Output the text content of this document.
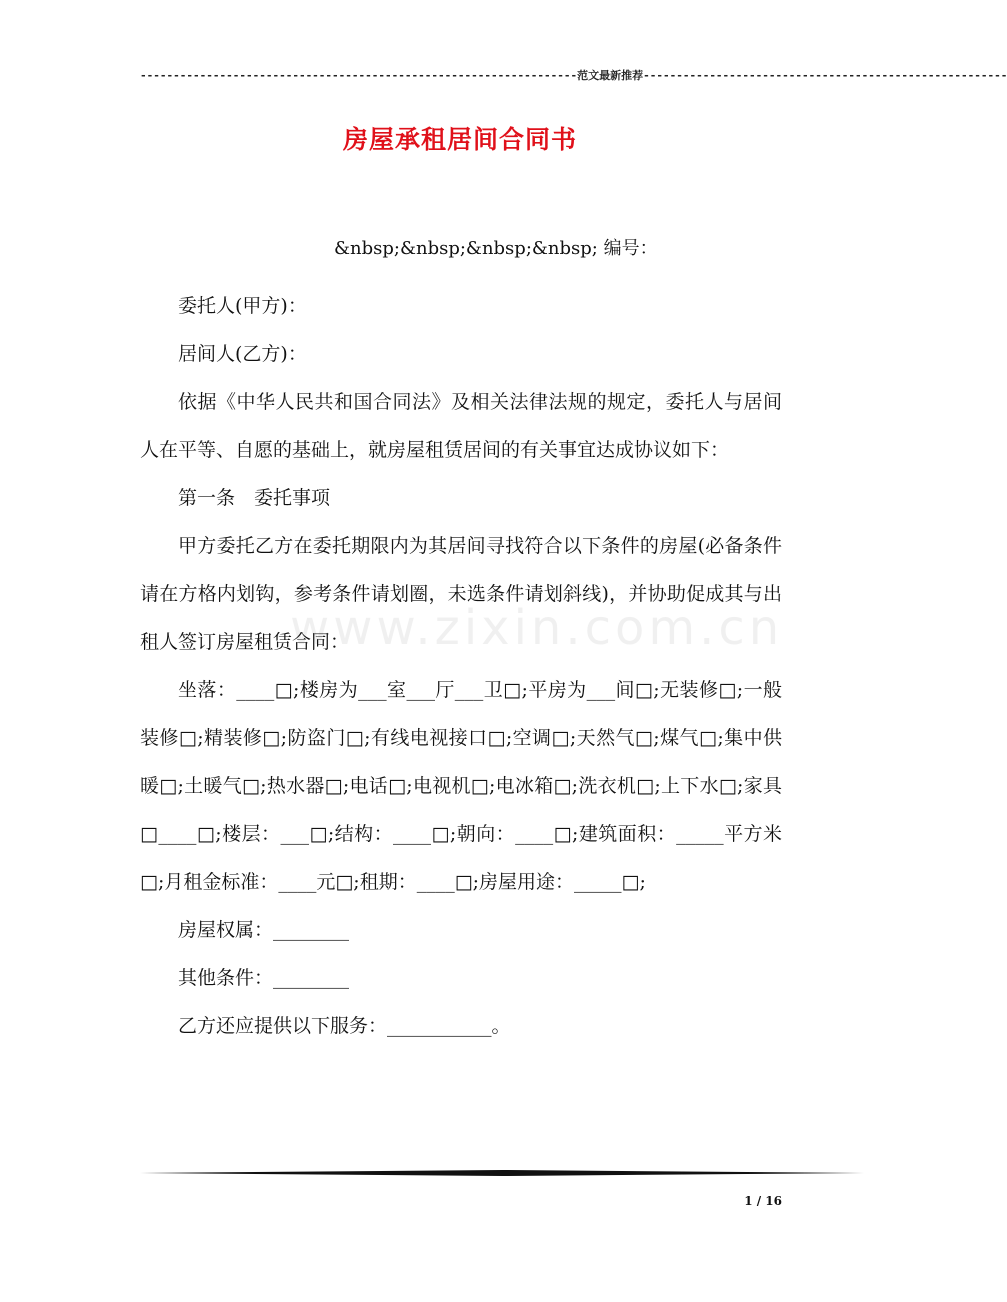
------------------------------------------------------------------范文最新推荐-------------------------------------------------------
房屋承租居间合同书
&nbsp;&nbsp;&nbsp;&nbsp; 编号：
www.zixin.com.cn

委托人(甲方)：

居间人(乙方)：

依据《中华人民共和国合同法》及相关法律法规的规定，委托人与居间人在平等、自愿的基础上，就房屋租赁居间的有关事宜达成协议如下：

第一条　委托事项

甲方委托乙方在委托期限内为其居间寻找符合以下条件的房屋(必备条件请在方格内划钩，参考条件请划圈，未选条件请划斜线)，并协助促成其与出租人签订房屋租赁合同：

坐落：____□;楼房为___室___厅___卫□;平房为___间□;无装修□;一般装修□;精装修□;防盗门□;有线电视接口□;空调□;天然气□;煤气□;集中供暖□;土暖气□;热水器□;电话□;电视机□;电冰箱□;洗衣机□;上下水□;家具□____□;楼层：___□;结构：____□;朝向：____□;建筑面积：_____平方米□;月租金标准：____元□;租期：____□;房屋用途：_____□;

房屋权属：________

其他条件：________

乙方还应提供以下服务：___________。

1 / 16
